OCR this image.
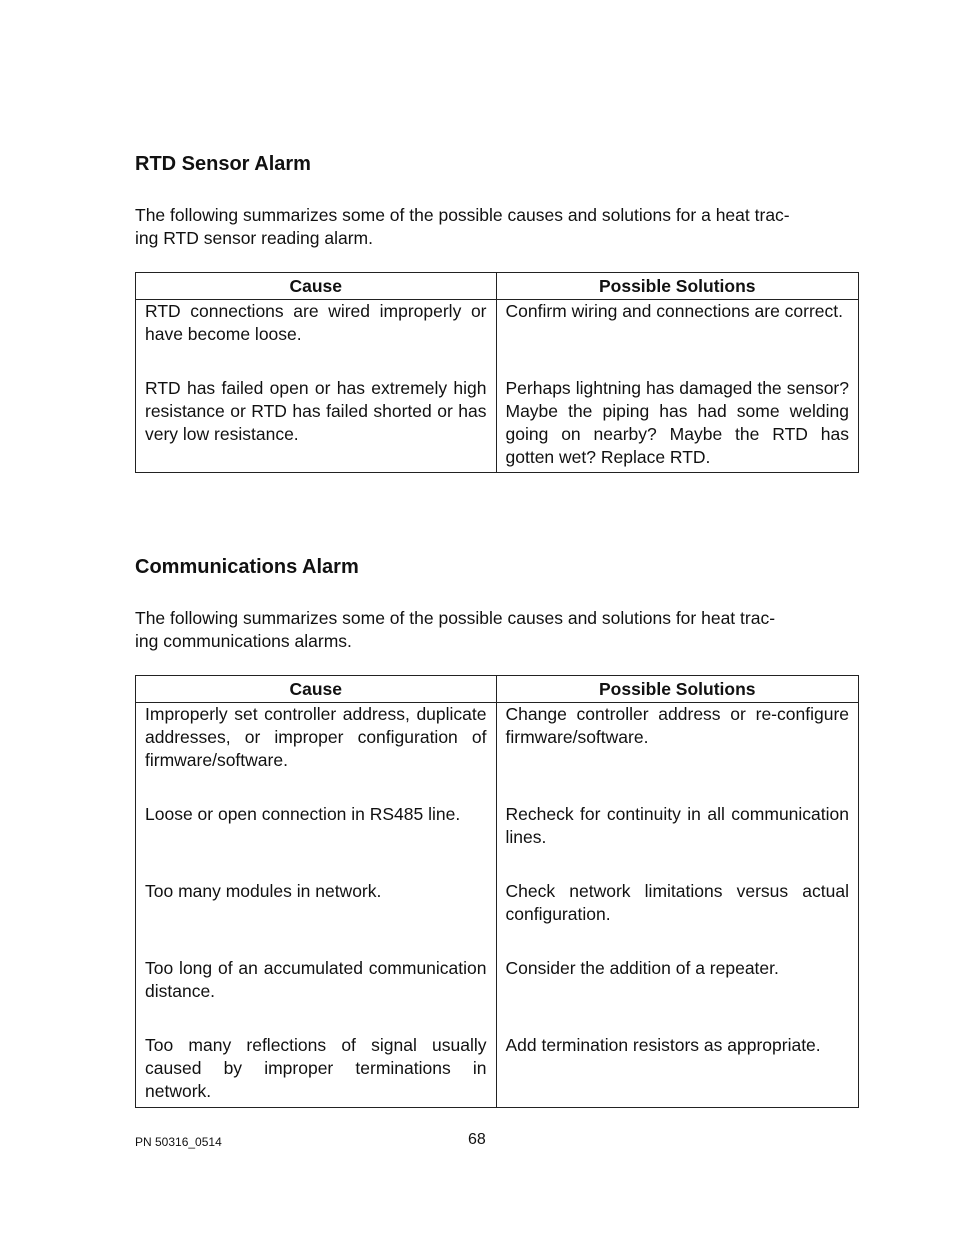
RTD Sensor Alarm

The following summarizes some of the possible causes and solutions for a heat trac-
ing RTD sensor reading alarm.

Cause	Possible Solutions
RTD connections are wired improperly or have become loose.	Confirm wiring and connections are correct.
RTD has failed open or has extremely high resistance or RTD has failed shorted or has very low resistance.	Perhaps lightning has damaged the sensor? Maybe the piping has had some welding going on nearby? Maybe the RTD has gotten wet? Replace RTD.
Communications Alarm

The following summarizes some of the possible causes and solutions for heat trac-
ing communications alarms.

Cause	Possible Solutions
Improperly set controller address, duplicate addresses, or improper configuration of firmware/software.	Change controller address or re-configure firmware/software.
Loose or open connection in RS485 line.	Recheck for continuity in all communication lines.
Too many modules in network.	Check network limitations versus actual configuration.
Too long of an accumulated communication distance.	Consider the addition of a repeater.
Too many reflections of signal usually caused by improper terminations in network.	Add termination resistors as appropriate.
PN 50316_0514	68
